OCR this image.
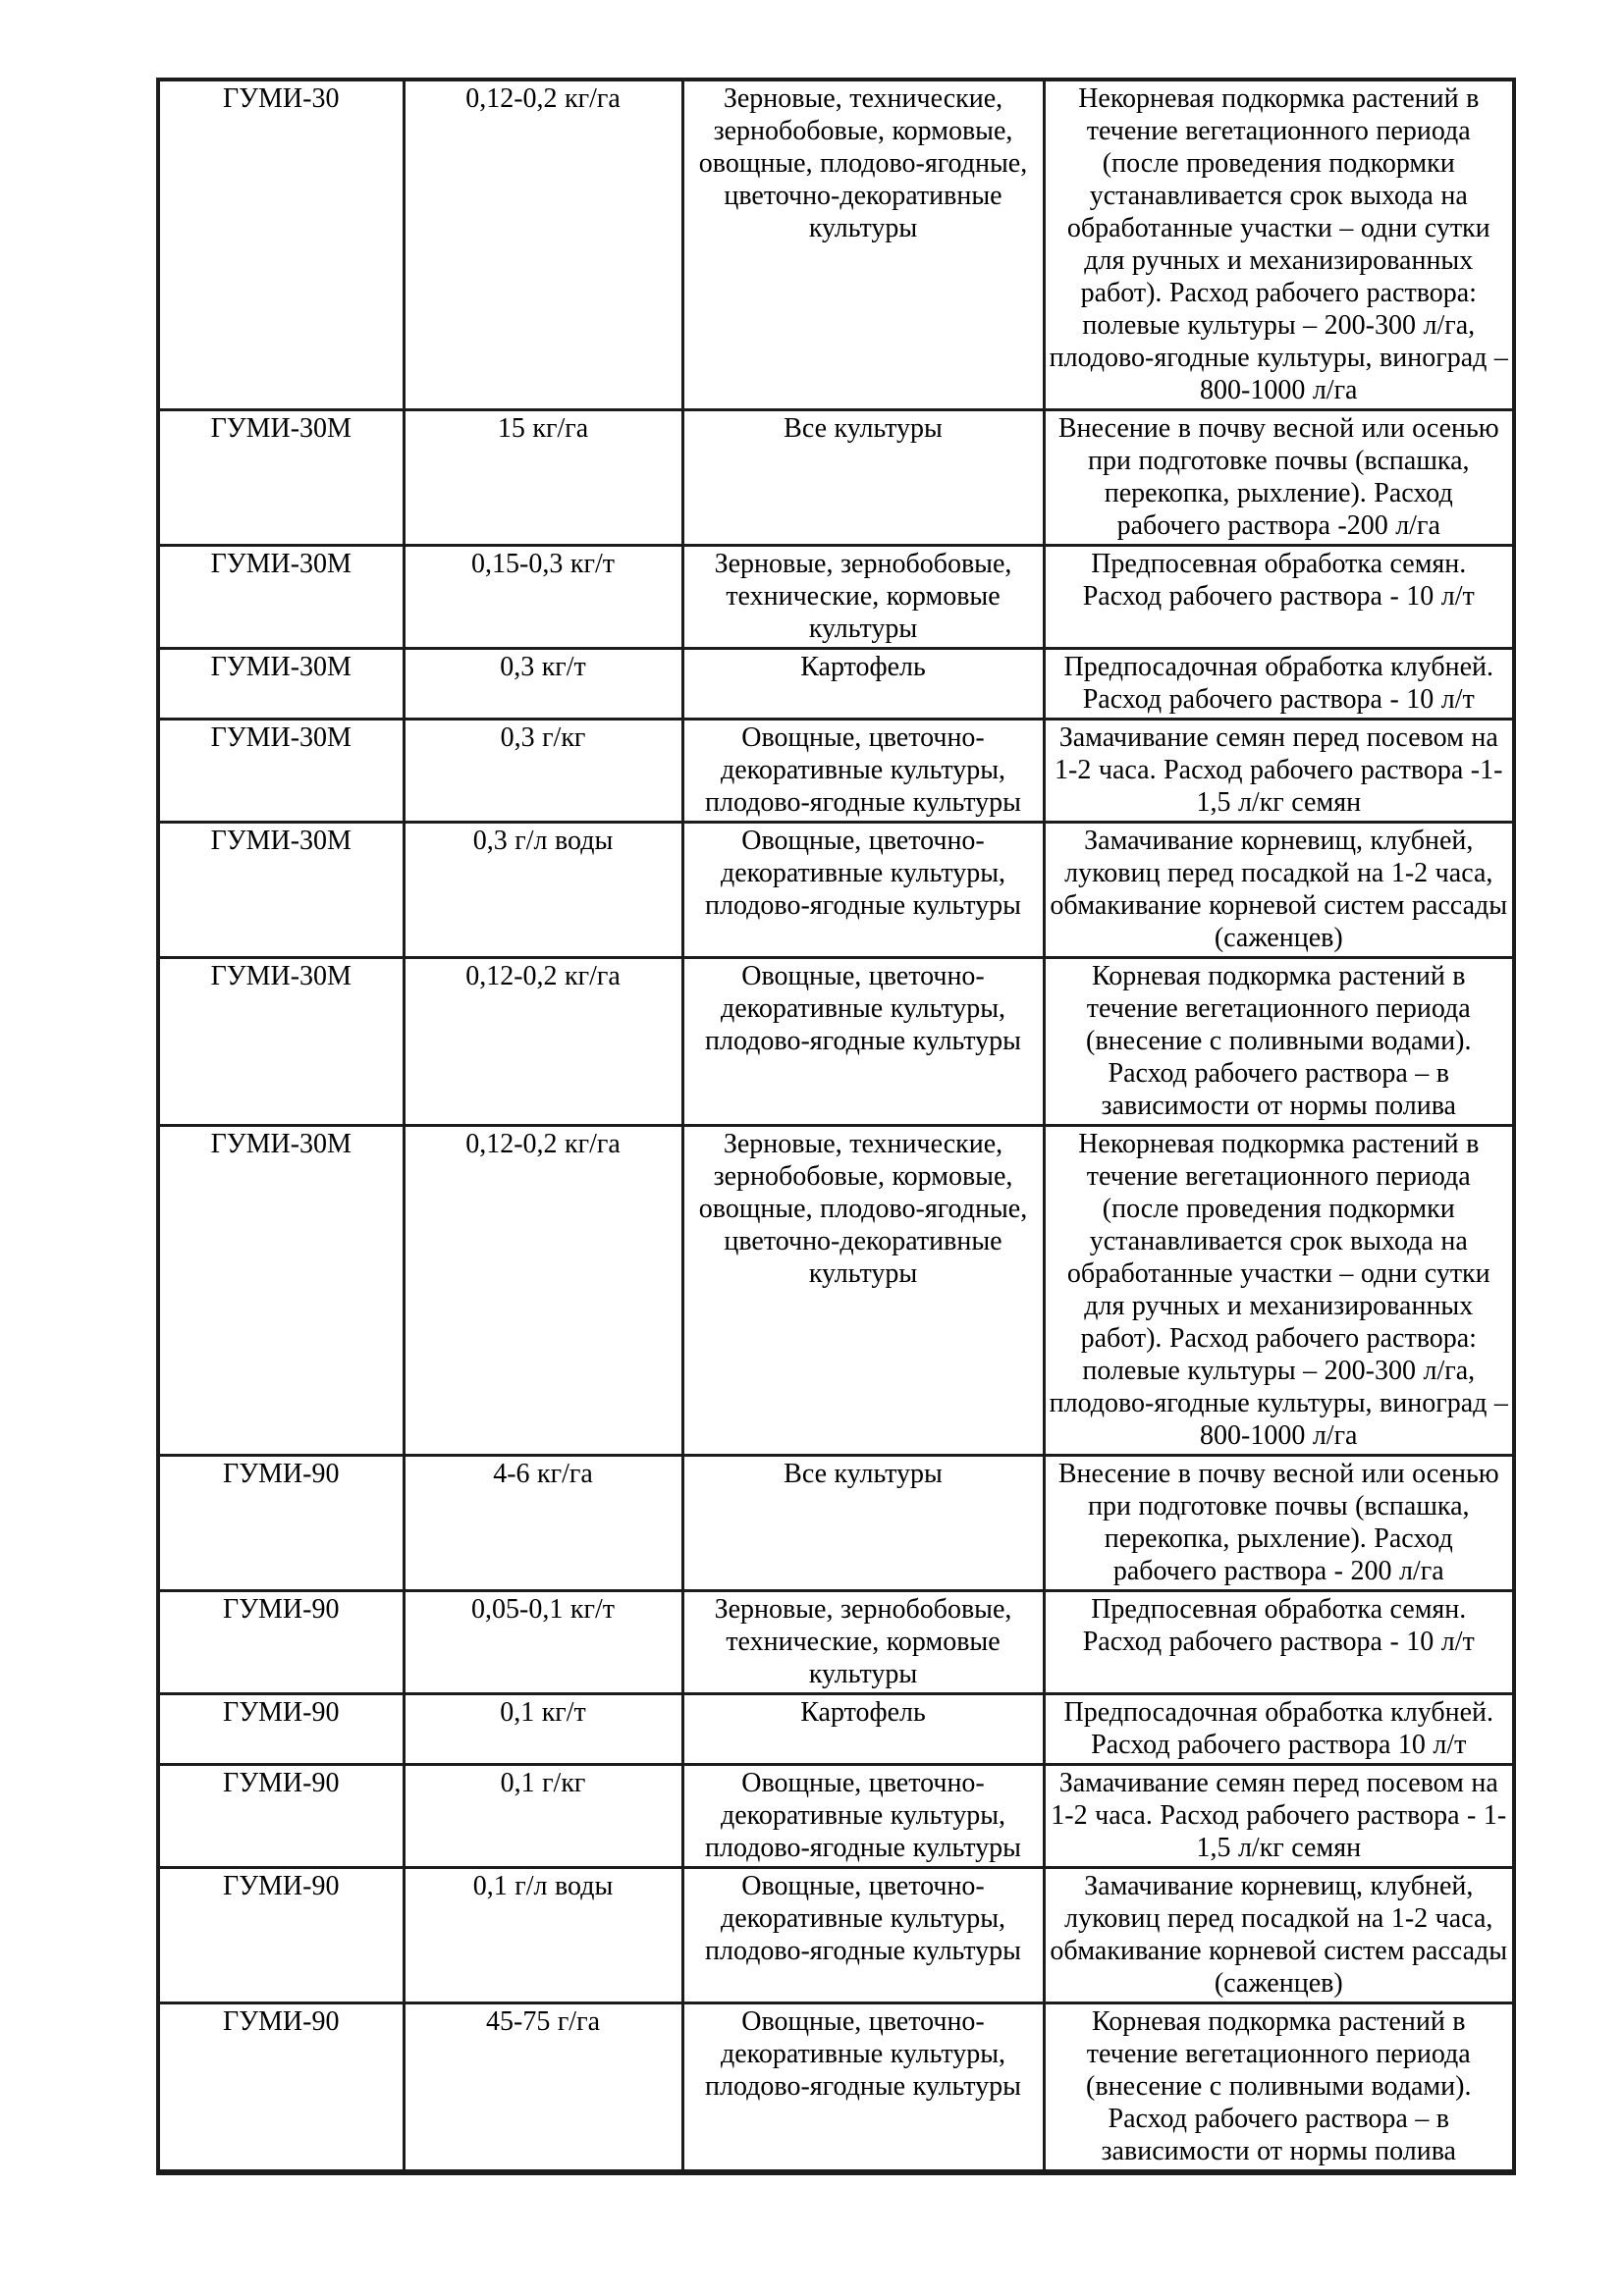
ГУМИ-30	0,12-0,2 кг/га	Зерновые, технические, зернобобовые, кормовые, овощные, плодово-ягодные, цветочно-декоративные культуры	Некорневая подкормка растений в течение вегетационного периода (после проведения подкормки устанавливается срок выхода на обработанные участки – одни сутки для ручных и механизированных работ). Расход рабочего раствора: полевые культуры – 200-300 л/га, плодово-ягодные культуры, виноград – 800-1000 л/га
ГУМИ-30М	15 кг/га	Все культуры	Внесение в почву весной или осенью при подготовке почвы (вспашка, перекопка, рыхление). Расход рабочего раствора -200 л/га
ГУМИ-30М	0,15-0,3 кг/т	Зерновые, зернобобовые, технические, кормовые культуры	Предпосевная обработка семян. Расход рабочего раствора - 10 л/т
ГУМИ-30М	0,3 кг/т	Картофель	Предпосадочная обработка клубней. Расход рабочего раствора - 10 л/т
ГУМИ-30М	0,3 г/кг	Овощные, цветочно-декоративные культуры, плодово-ягодные культуры	Замачивание семян перед посевом на 1-2 часа. Расход рабочего раствора -1-1,5 л/кг семян
ГУМИ-30М	0,3 г/л воды	Овощные, цветочно-декоративные культуры, плодово-ягодные культуры	Замачивание корневищ, клубней, луковиц перед посадкой на 1-2 часа, обмакивание корневой систем рассады (саженцев)
ГУМИ-30М	0,12-0,2 кг/га	Овощные, цветочно-декоративные культуры, плодово-ягодные культуры	Корневая подкормка растений в течение вегетационного периода (внесение с поливными водами). Расход рабочего раствора – в зависимости от нормы полива
ГУМИ-30М	0,12-0,2 кг/га	Зерновые, технические, зернобобовые, кормовые, овощные, плодово-ягодные, цветочно-декоративные культуры	Некорневая подкормка растений в течение вегетационного периода (после проведения подкормки устанавливается срок выхода на обработанные участки – одни сутки для ручных и механизированных работ). Расход рабочего раствора: полевые культуры – 200-300 л/га, плодово-ягодные культуры, виноград – 800-1000 л/га
ГУМИ-90	4-6 кг/га	Все культуры	Внесение в почву весной или осенью при подготовке почвы (вспашка, перекопка, рыхление). Расход рабочего раствора - 200 л/га
ГУМИ-90	0,05-0,1 кг/т	Зерновые, зернобобовые, технические, кормовые культуры	Предпосевная обработка семян. Расход рабочего раствора - 10 л/т
ГУМИ-90	0,1 кг/т	Картофель	Предпосадочная обработка клубней. Расход рабочего раствора 10 л/т
ГУМИ-90	0,1 г/кг	Овощные, цветочно-декоративные культуры, плодово-ягодные культуры	Замачивание семян перед посевом на 1-2 часа. Расход рабочего раствора - 1-1,5 л/кг семян
ГУМИ-90	0,1 г/л воды	Овощные, цветочно-декоративные культуры, плодово-ягодные культуры	Замачивание корневищ, клубней, луковиц перед посадкой на 1-2 часа, обмакивание корневой систем рассады (саженцев)
ГУМИ-90	45-75 г/га	Овощные, цветочно-декоративные культуры, плодово-ягодные культуры	Корневая подкормка растений в течение вегетационного периода (внесение с поливными водами). Расход рабочего раствора – в зависимости от нормы полива
